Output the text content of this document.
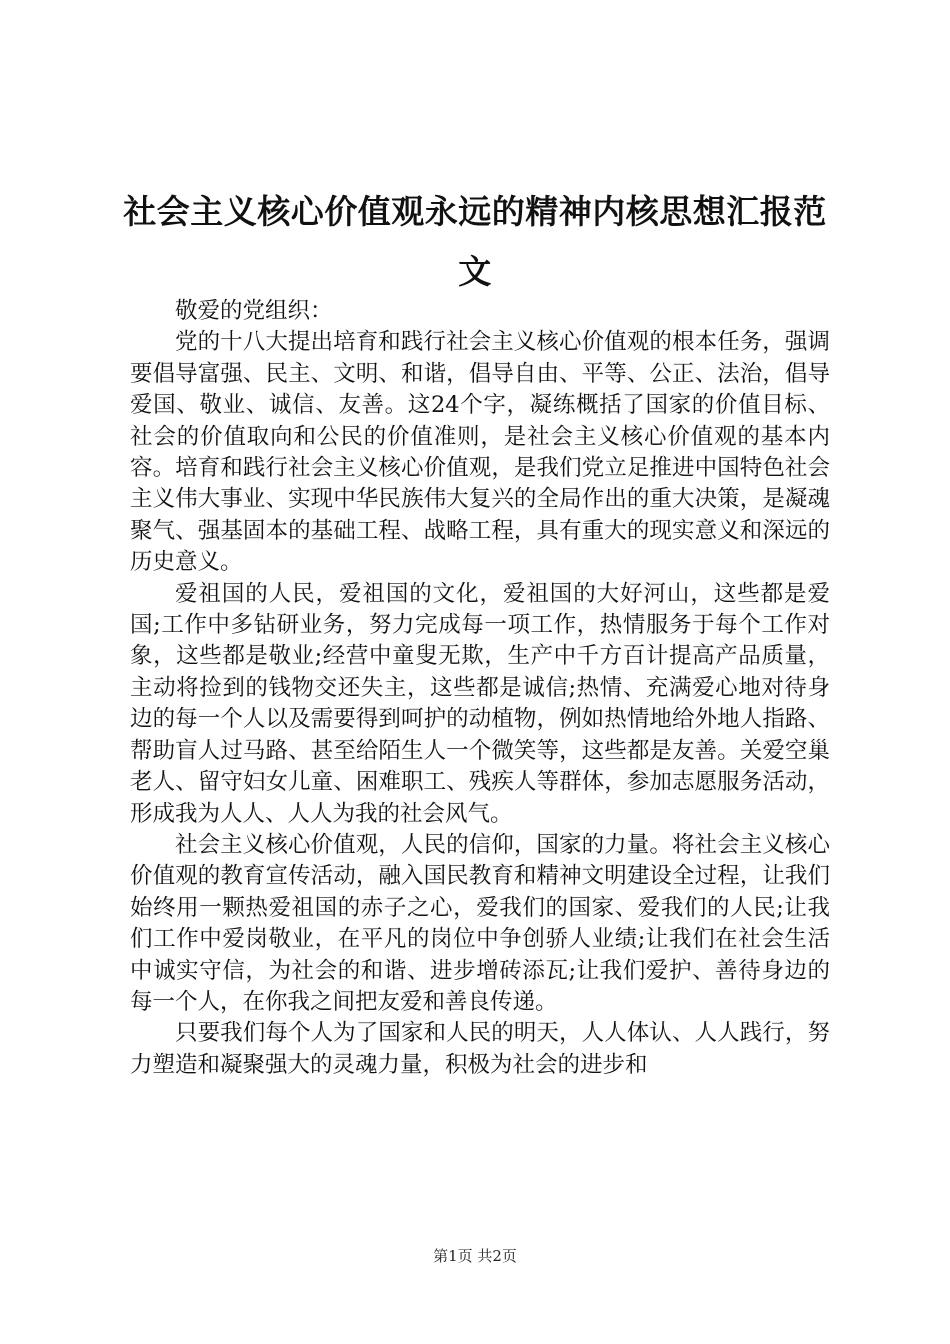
社会主义核心价值观永远的精神内核思想汇报范文

敬爱的党组织：

党的十八大提出培育和践行社会主义核心价值观的根本任务，强调要倡导富强、民主、文明、和谐，倡导自由、平等、公正、法治，倡导爱国、敬业、诚信、友善。这24个字，凝练概括了国家的价值目标、社会的价值取向和公民的价值准则，是社会主义核心价值观的基本内容。培育和践行社会主义核心价值观，是我们党立足推进中国特色社会主义伟大事业、实现中华民族伟大复兴的全局作出的重大决策，是凝魂聚气、强基固本的基础工程、战略工程，具有重大的现实意义和深远的历史意义。

爱祖国的人民，爱祖国的文化，爱祖国的大好河山，这些都是爱国;工作中多钻研业务，努力完成每一项工作，热情服务于每个工作对象，这些都是敬业;经营中童叟无欺，生产中千方百计提高产品质量，主动将捡到的钱物交还失主，这些都是诚信;热情、充满爱心地对待身边的每一个人以及需要得到呵护的动植物，例如热情地给外地人指路、帮助盲人过马路、甚至给陌生人一个微笑等，这些都是友善。关爱空巢老人、留守妇女儿童、困难职工、残疾人等群体，参加志愿服务活动，形成我为人人、人人为我的社会风气。

社会主义核心价值观，人民的信仰，国家的力量。将社会主义核心价值观的教育宣传活动，融入国民教育和精神文明建设全过程，让我们始终用一颗热爱祖国的赤子之心，爱我们的国家、爱我们的人民;让我们工作中爱岗敬业，在平凡的岗位中争创骄人业绩;让我们在社会生活中诚实守信，为社会的和谐、进步增砖添瓦;让我们爱护、善待身边的每一个人，在你我之间把友爱和善良传递。

只要我们每个人为了国家和人民的明天，人人体认、人人践行，努力塑造和凝聚强大的灵魂力量，积极为社会的进步和

第1页 共2页
